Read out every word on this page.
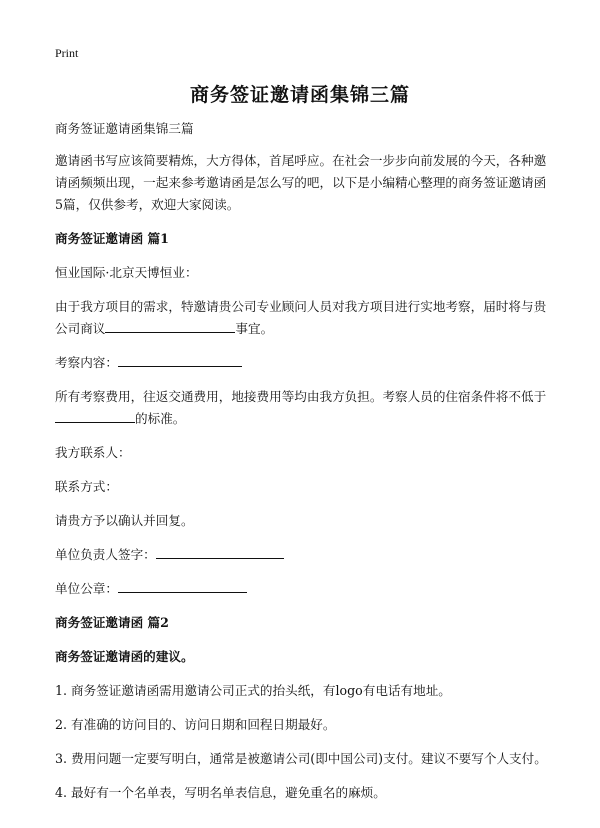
Print
商务签证邀请函集锦三篇

商务签证邀请函集锦三篇

邀请函书写应该简要精炼，大方得体，首尾呼应。在社会一步步向前发展的今天，各种邀请函频频出现，一起来参考邀请函是怎么写的吧，以下是小编精心整理的商务签证邀请函5篇，仅供参考，欢迎大家阅读。

商务签证邀请函 篇1

恒业国际·北京天博恒业：

由于我方项目的需求，特邀请贵公司专业顾问人员对我方项目进行实地考察，届时将与贵公司商议	事宜。

考察内容：

所有考察费用，往返交通费用，地接费用等均由我方负担。考察人员的住宿条件将不低于的标准。

我方联系人：

联系方式：

请贵方予以确认并回复。

单位负责人签字：

单位公章：

商务签证邀请函 篇2

商务签证邀请函的建议。

1. 商务签证邀请函需用邀请公司正式的抬头纸，有logo有电话有地址。

2. 有准确的访问目的、访问日期和回程日期最好。

3. 费用问题一定要写明白，通常是被邀请公司(即中国公司)支付。建议不要写个人支付。

4. 最好有一个名单表，写明名单表信息，避免重名的麻烦。
